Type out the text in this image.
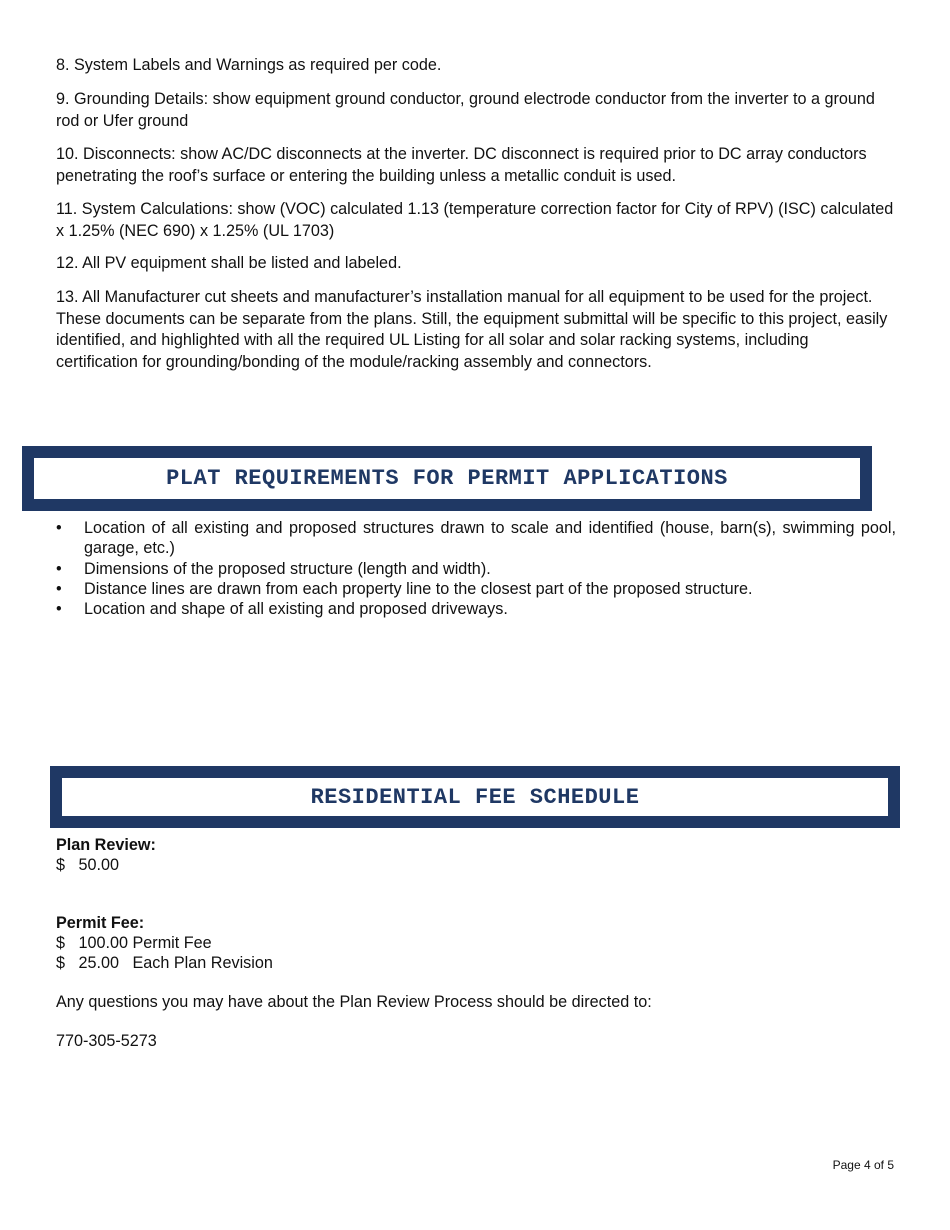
8. System Labels and Warnings as required per code.

9. Grounding Details: show equipment ground conductor, ground electrode conductor from the inverter to a ground rod or Ufer ground

10. Disconnects: show AC/DC disconnects at the inverter. DC disconnect is required prior to DC array conductors penetrating the roof’s surface or entering the building unless a metallic conduit is used.

11. System Calculations: show (VOC) calculated 1.13 (temperature correction factor for City of RPV) (ISC) calculated x 1.25% (NEC 690) x 1.25% (UL 1703)

12. All PV equipment shall be listed and labeled.

13. All Manufacturer cut sheets and manufacturer’s installation manual for all equipment to be used for the project. These documents can be separate from the plans. Still, the equipment submittal will be specific to this project, easily identified, and highlighted with all the required UL Listing for all solar and solar racking systems, including certification for grounding/bonding of the module/racking assembly and connectors.

PLAT REQUIREMENTS FOR PERMIT APPLICATIONS
• Location of all existing and proposed structures drawn to scale and identified (house, barn(s), swimming pool, garage, etc.)
• Dimensions of the proposed structure (length and width).
• Distance lines are drawn from each property line to the closest part of the proposed structure.
• Location and shape of all existing and proposed driveways.
RESIDENTIAL FEE SCHEDULE
Plan Review:
$   50.00
Permit Fee:
$   100.00 Permit Fee
$   25.00   Each Plan Revision
Any questions you may have about the Plan Review Process should be directed to:
770-305-5273
Page 4 of 5
